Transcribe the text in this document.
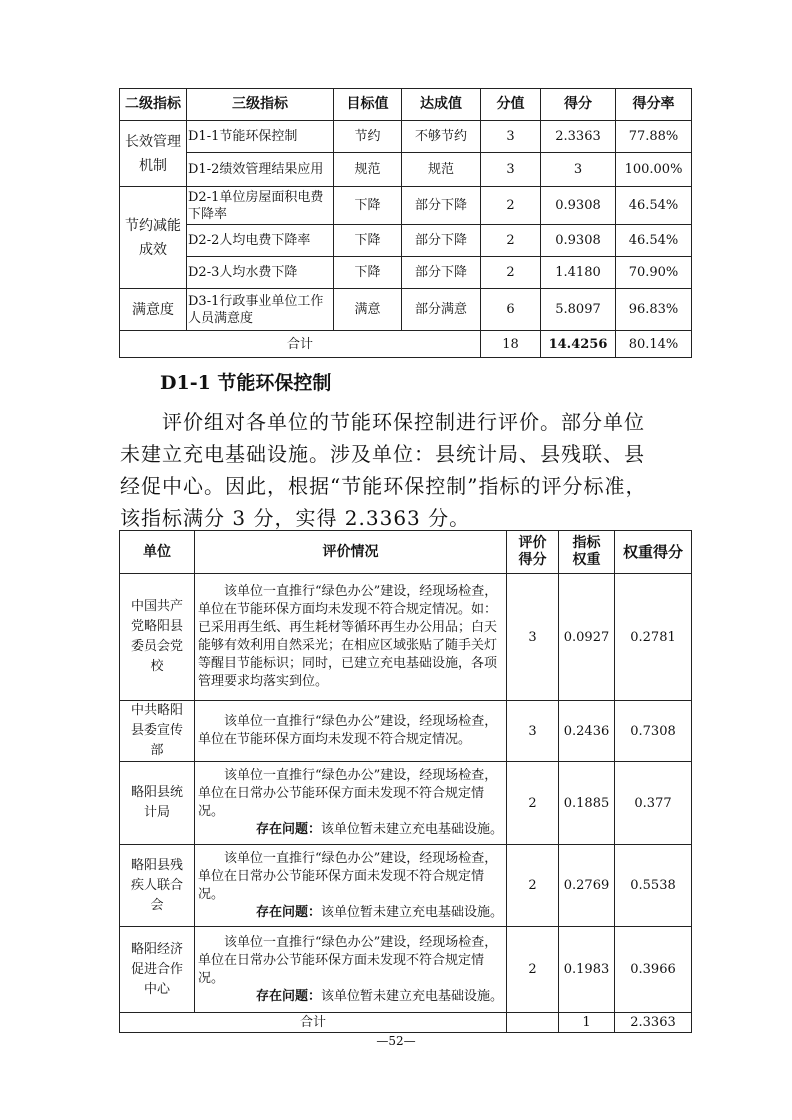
二级指标	三级指标	目标值	达成值	分值	得分	得分率
长效管理机制	D1-1节能环保控制	节约	不够节约	3	2.3363	77.88%
	D1-2绩效管理结果应用	规范	规范	3	3	100.00%
节约减能成效	D2-1单位房屋面积电费下降率	下降	部分下降	2	0.9308	46.54%
	D2-2人均电费下降率	下降	部分下降	2	0.9308	46.54%
	D2-3人均水费下降	下降	部分下降	2	1.4180	70.90%
满意度	D3-1行政事业单位工作人员满意度	满意	部分满意	6	5.8097	96.83%
合计				18	14.4256	80.14%
D1-1 节能环保控制
　　评价组对各单位的节能环保控制进行评价。部分单位
未建立充电基础设施。涉及单位：县统计局、县残联、县
经促中心。因此，根据“节能环保控制”指标的评分标准，
该指标满分 3 分，实得 2.3363 分。
单位	评价情况	评价得分	指标权重	权重得分
中国共产党略阳县委员会党校	该单位一直推行“绿色办公”建设，经现场检查，单位在节能环保方面均未发现不符合规定情况。如：已采用再生纸、再生耗材等循环再生办公用品；白天能够有效利用自然采光；在相应区域张贴了随手关灯等醒目节能标识；同时，已建立充电基础设施，各项管理要求均落实到位。	3	0.0927	0.2781
中共略阳县委宣传部	该单位一直推行“绿色办公”建设，经现场检查，单位在节能环保方面均未发现不符合规定情况。	3	0.2436	0.7308
略阳县统计局	该单位一直推行“绿色办公”建设，经现场检查，单位在日常办公节能环保方面未发现不符合规定情况。
存在问题：该单位暂未建立充电基础设施。	2	0.1885	0.377
略阳县残疾人联合会	该单位一直推行“绿色办公”建设，经现场检查，单位在日常办公节能环保方面未发现不符合规定情况。
存在问题：该单位暂未建立充电基础设施。	2	0.2769	0.5538
略阳经济促进合作中心	该单位一直推行“绿色办公”建设，经现场检查，单位在日常办公节能环保方面未发现不符合规定情况。
存在问题：该单位暂未建立充电基础设施。	2	0.1983	0.3966
合计			1	2.3363
—52—
